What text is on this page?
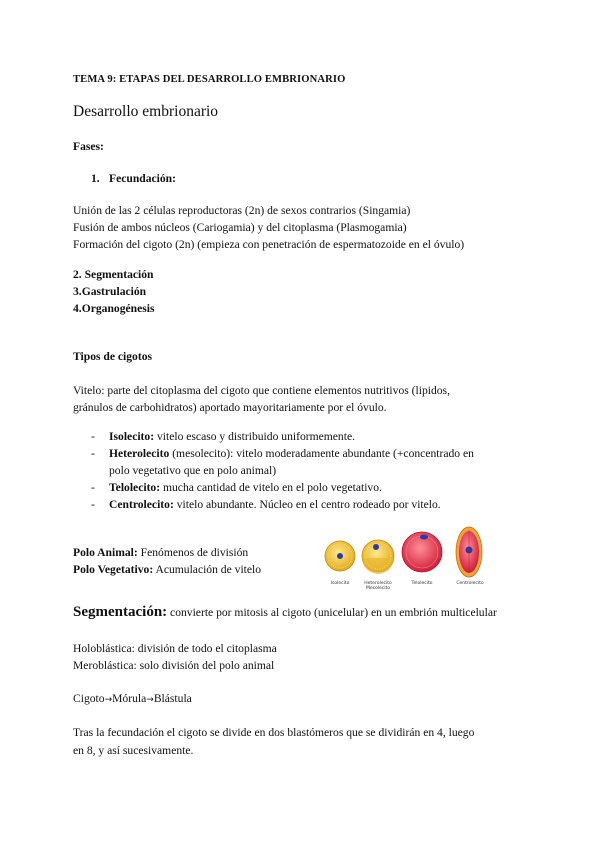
TEMA 9: ETAPAS DEL DESARROLLO EMBRIONARIO
Desarrollo embrionario
Fases:
1. Fecundación:
Unión de las 2 células reproductoras (2n) de sexos contrarios (Singamia)
Fusión de ambos núcleos (Cariogamia) y del citoplasma (Plasmogamia)
Formación del cigoto (2n) (empieza con penetración de espermatozoide en el óvulo)
2. Segmentación
3.Gastrulación
4.Organogénesis
Tipos de cigotos
Vitelo: parte del citoplasma del cigoto que contiene elementos nutritivos (lipidos,
gránulos de carbohidratos) aportado mayoritariamente por el óvulo.
- Isolecito: vitelo escaso y distribuido uniformemente.
- Heterolecito (mesolecito): vitelo moderadamente abundante (+concentrado en
polo vegetativo que en polo animal)
- Telolecito: mucha cantidad de vitelo en el polo vegetativo.
- Centrolecito: vitelo abundante. Núcleo en el centro rodeado por vitelo.
Polo Animal: Fenómenos de división
Polo Vegetativo: Acumulación de vitelo
Isolecito	Heterolecito Mesolecito
Telolecito	Centrolecito
Segmentación: convierte por mitosis al cigoto (unicelular) en un embrión multicelular
Holoblástica: división de todo el citoplasma
Meroblástica: solo división del polo animal
Cigoto→Mórula→Blástula
Tras la fecundación el cigoto se divide en dos blastómeros que se dividirán en 4, luego
en 8, y así sucesivamente.
